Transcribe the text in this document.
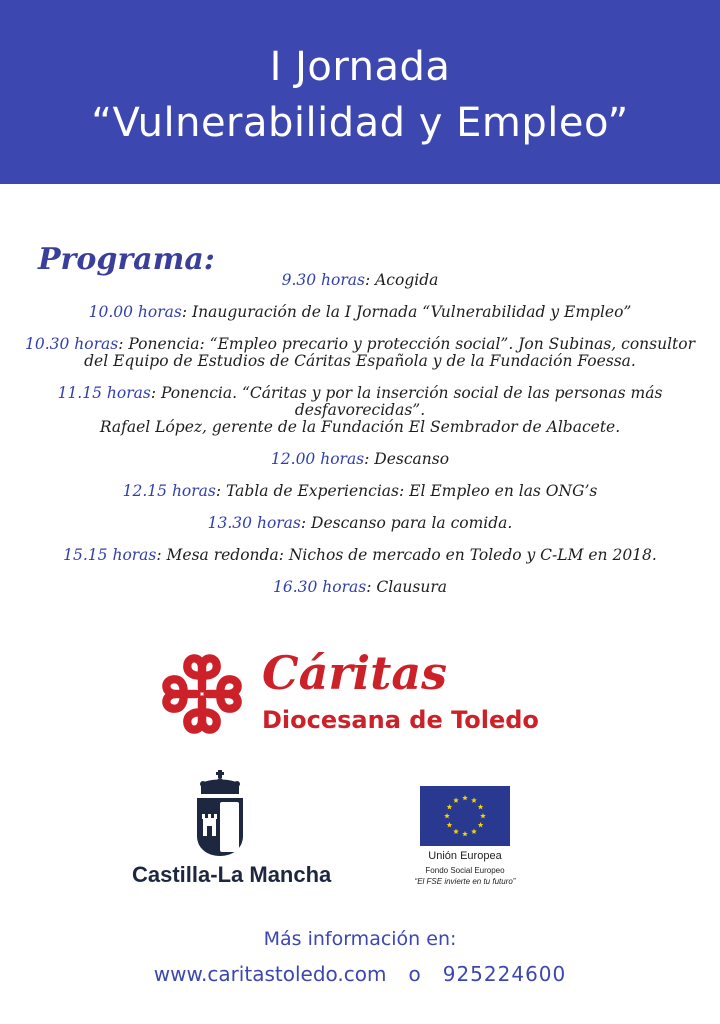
I Jornada
“Vulnerabilidad y Empleo”
Programa:
9.30 horas: Acogida
10.00 horas: Inauguración de la I Jornada “Vulnerabilidad y Empleo”
10.30 horas: Ponencia: “Empleo precario y protección social”. Jon Subinas, consultor del Equipo de Estudios de Cáritas Española y de la Fundación Foessa.
11.15 horas: Ponencia. “Cáritas y por la inserción social de las personas más desfavorecidas”.
Rafael López, gerente de la Fundación El Sembrador de Albacete.
12.00 horas: Descanso
12.15 horas: Tabla de Experiencias: El Empleo en las ONG’s
13.30 horas: Descanso para la comida.
15.15 horas: Mesa redonda: Nichos de mercado en Toledo y C-LM en 2018.
16.30 horas: Clausura
Cáritas
Diocesana de Toledo
Castilla-La Mancha
Unión Europea
Fondo Social Europeo
“El FSE invierte en tu futuro”
Más información en:
www.caritastoledo.com o 925224600
